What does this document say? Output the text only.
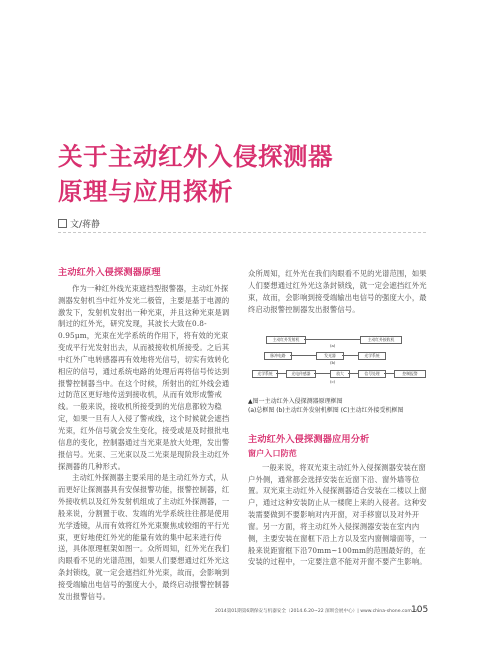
关于主动红外入侵探测器
原理与应用探析
文/蒋静
主动红外入侵探测器原理

作为一种红外线光束遮挡型报警器，主动红外探测器发射机当中红外发光二极管，主要是基于电源的激发下，发射机发射出一种光束，并且这种光束是调制过的红外光，研究发现，其波长大致在0.8-0.95μm，光束在光学系统的作用下，将有效的光束变成平行光发射出去，从而被接收机所接受。之后其中红外广电转感器再有效地将光信号，切实有效转化相应的信号，通过系统电路的处理后再将信号传达到报警控制器当中。在这个时候，所射出的红外线会通过防范区更好地传送到接收机，从而有效形成警戒线。一般来说，接收机所接受到的光信息都较为稳定，如果一旦有人入侵了警戒线，这个时候就会遮挡光束，红外信号就会发生变化，接受或是及时报批电信息的变化，控制器通过当光束是放大处理，发出警报信号。光束、三光束以及二光束是现阶段主动红外探测器的几种形式。

主动红外探测器主要采用的是主动红外方式，从而更好让探测器具有安保报警功能，报警控制器，红外接收机以及红外发射机组成了主动红外探测器，一般来说，分割置于收、发端的光学系统往往都是使用光学透镜，从而有效将红外光束聚焦成较细的平行光束，更好地使红外光的能量有效的集中起来进行传送，具体原理框架如图一。众所周知，红外光在我们肉眼看不见的光谱范围，如果人们要想通过红外光这条封锁线，就一定会遮挡红外光束，故而，会影响到接受端输出电信号的强度大小，最终启动报警控制器发出报警信号。

众所周知，红外光在我们肉眼看不见的光谱范围，如果人们要想通过红外光这条封锁线，就一定会遮挡红外光束，故而，会影响到接受端输出电信号的强度大小，最终启动报警控制器发出报警信号。

主动红外发射机	主动红外接收机
(a)
脉冲电路	发光器	光学系统
(b)
光学系统	光电传感器	放大	信号处理	控制报警
(c)
▲图一主动红外入侵探测器原理框图
(a)总框图 (b)主动红外发射机框图 (C)主动红外接受机框图
主动红外入侵探测器应用分析
窗户入口防范

一般来说，将双光束主动红外入侵探测器安装在窗户外侧，通常都会选择安装在近窗下沿、窗外墙等位置。双光束主动红外入侵探测器适合安装在二楼以上窗户，通过这种安装防止从一楼爬上来的入侵者。这种安装需要做到不要影响对内开窗，对手移窗以及对外开窗。另一方面，将主动红外入侵探测器安装在室内内侧，主要安装在窗框下沿上方以及室内窗侧墙面等，一般来说距窗框下沿70mm~100mm的范围最好的，在安装的过程中，一定要注意不能对开窗不要产生影响。

2014第01期第6期保安与机器安全（2014.6.20~22 深圳会展中心）| www.china-shone.com.cn
105
